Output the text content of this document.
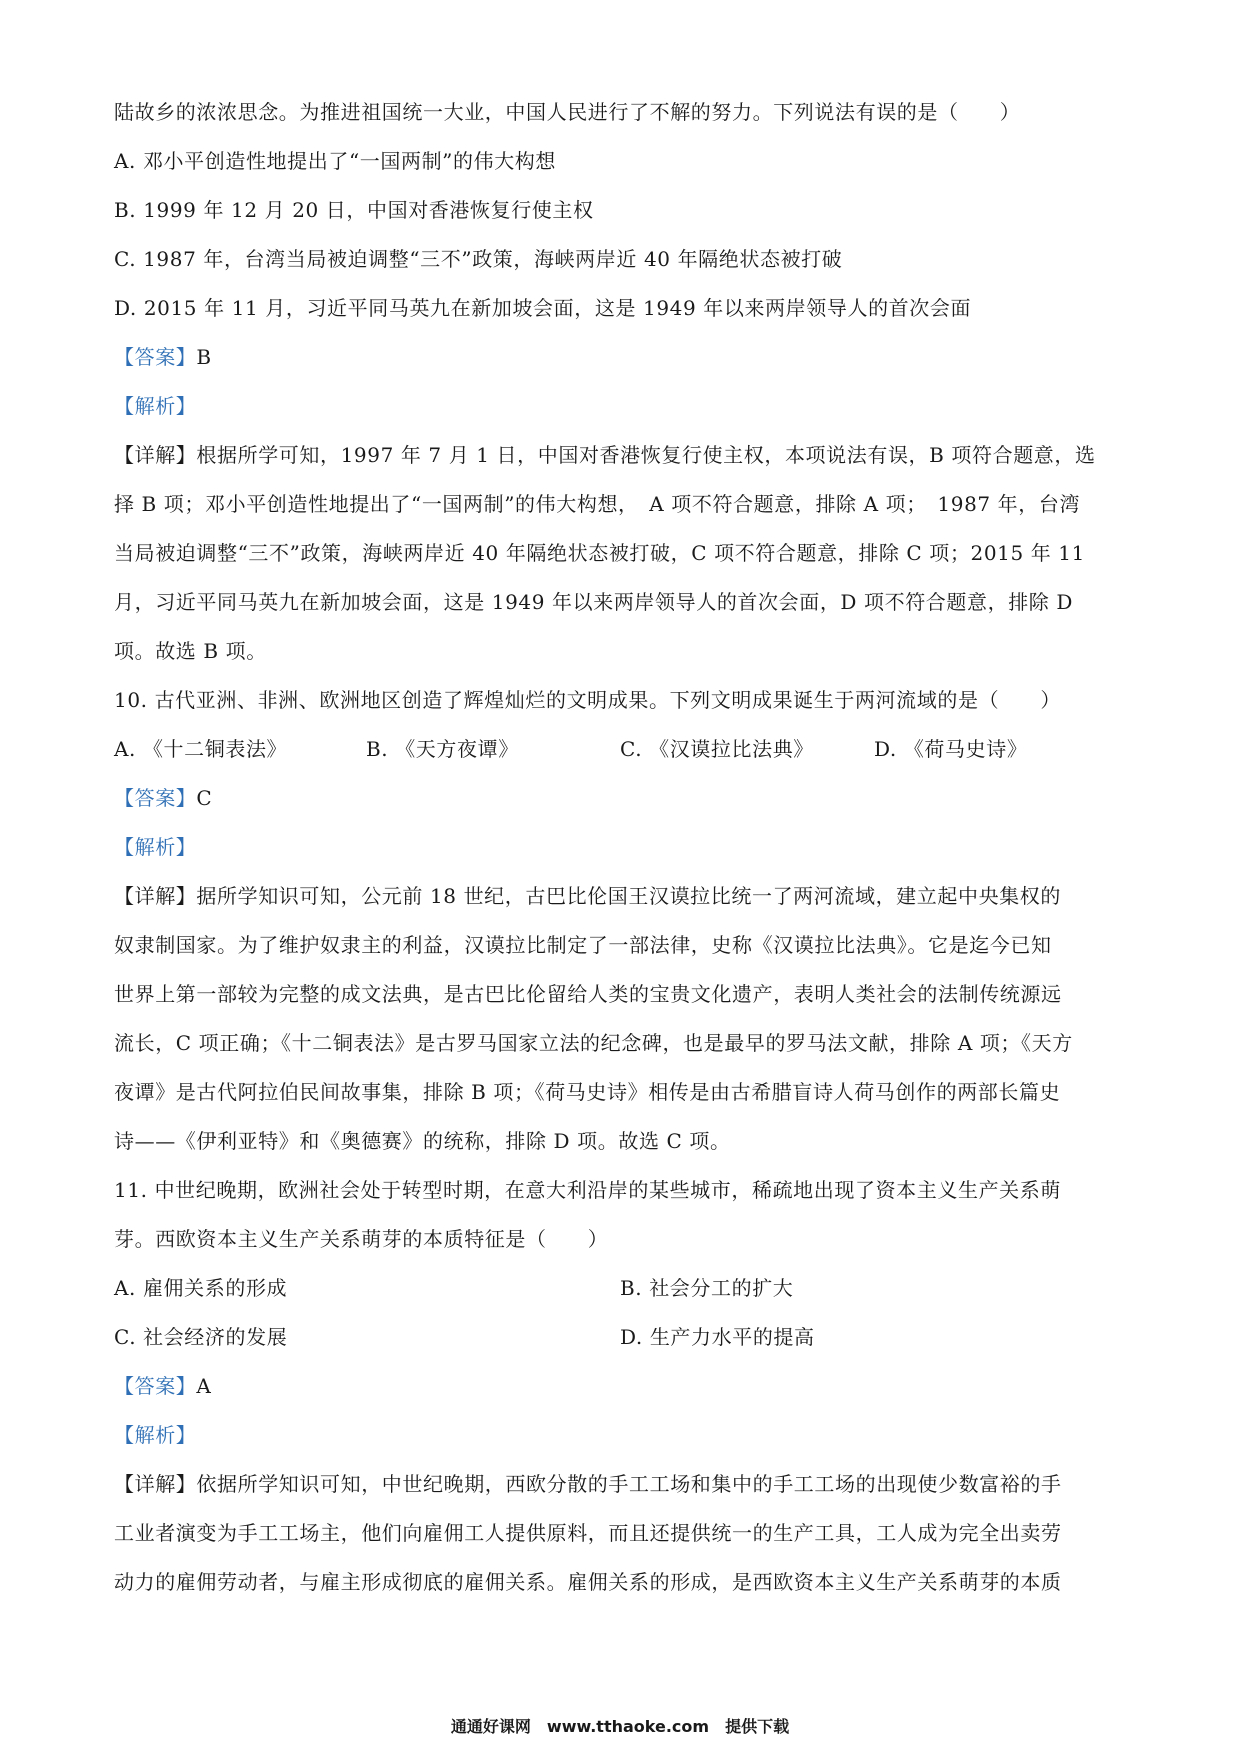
陆故乡的浓浓思念。为推进祖国统一大业，中国人民进行了不解的努力。下列说法有误的是（　　）
A. 邓小平创造性地提出了“一国两制”的伟大构想
B. 1999 年 12 月 20 日，中国对香港恢复行使主权
C. 1987 年，台湾当局被迫调整“三不”政策，海峡两岸近 40 年隔绝状态被打破
D. 2015 年 11 月，习近平同马英九在新加坡会面，这是 1949 年以来两岸领导人的首次会面
【答案】B
【解析】
【详解】根据所学可知，1997 年 7 月 1 日，中国对香港恢复行使主权，本项说法有误，B 项符合题意，选
择 B 项；邓小平创造性地提出了“一国两制”的伟大构想，　A 项不符合题意，排除 A 项；　1987 年，台湾
当局被迫调整“三不”政策，海峡两岸近 40 年隔绝状态被打破，C 项不符合题意，排除 C 项；2015 年 11
月，习近平同马英九在新加坡会面，这是 1949 年以来两岸领导人的首次会面，D 项不符合题意，排除 D
项。故选 B 项。
10. 古代亚洲、非洲、欧洲地区创造了辉煌灿烂的文明成果。下列文明成果诞生于两河流域的是（　　）
A. 《十二铜表法》	B. 《天方夜谭》	C. 《汉谟拉比法典》	D. 《荷马史诗》
【答案】C
【解析】
【详解】据所学知识可知，公元前 18 世纪，古巴比伦国王汉谟拉比统一了两河流域，建立起中央集权的
奴隶制国家。为了维护奴隶主的利益，汉谟拉比制定了一部法律，史称《汉谟拉比法典》。它是迄今已知
世界上第一部较为完整的成文法典，是古巴比伦留给人类的宝贵文化遗产，表明人类社会的法制传统源远
流长，C 项正确；《十二铜表法》是古罗马国家立法的纪念碑，也是最早的罗马法文献，排除 A 项；《天方
夜谭》是古代阿拉伯民间故事集，排除 B 项；《荷马史诗》相传是由古希腊盲诗人荷马创作的两部长篇史
诗——《伊利亚特》和《奥德赛》的统称，排除 D 项。故选 C 项。
11. 中世纪晚期，欧洲社会处于转型时期，在意大利沿岸的某些城市，稀疏地出现了资本主义生产关系萌
芽。西欧资本主义生产关系萌芽的本质特征是（　　）
A. 雇佣关系的形成	B. 社会分工的扩大
C. 社会经济的发展	D. 生产力水平的提高
【答案】A
【解析】
【详解】依据所学知识可知，中世纪晚期，西欧分散的手工工场和集中的手工工场的出现使少数富裕的手
工业者演变为手工工场主，他们向雇佣工人提供原料，而且还提供统一的生产工具，工人成为完全出卖劳
动力的雇佣劳动者，与雇主形成彻底的雇佣关系。雇佣关系的形成，是西欧资本主义生产关系萌芽的本质
通通好课网　www.tthaoke.com　提供下载
